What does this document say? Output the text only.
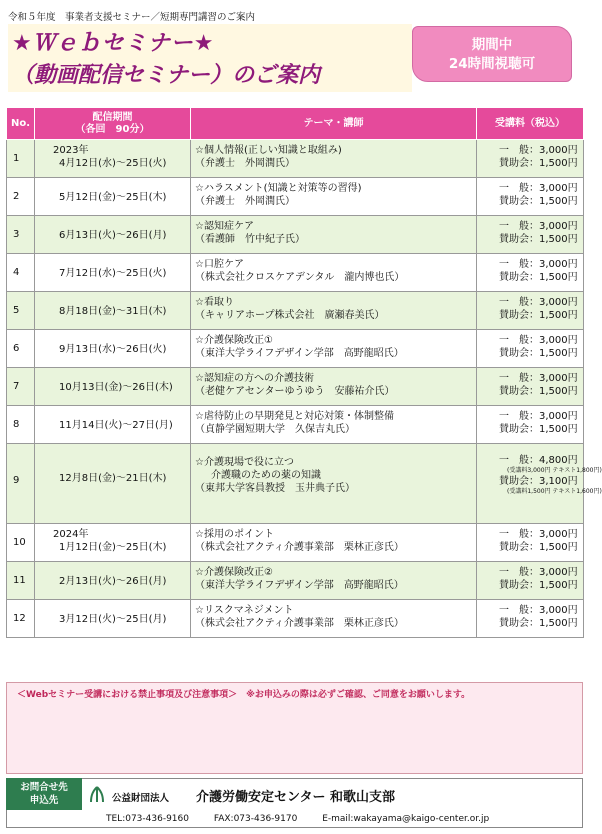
令和５年度　事業者支援セミナー／短期専門講習のご案内
★Ｗｅｂセミナー★
（動画配信セミナー）のご案内
期間中
24時間視聴可
No.	配信期間
（各回　90分）	テーマ・講師	受講料（税込）
1	2023年
4月12日(水)～25日(火)	☆個人情報(正しい知識と取組み)
（弁護士　外岡潤氏）	一　般：3,000円
賛助会：1,500円

2	5月12日(金)～25日(木)	☆ハラスメント(知識と対策等の習得)
（弁護士　外岡潤氏）	一　般：3,000円
賛助会：1,500円

3	6月13日(火)～26日(月)	☆認知症ケア
（看護師　竹中紀子氏）	一　般：3,000円
賛助会：1,500円

4	7月12日(水)～25日(火)	☆口腔ケア
（株式会社クロスケアデンタル　瀧内博也氏）	一　般：3,000円
賛助会：1,500円

5	8月18日(金)～31日(木)	☆看取り
（キャリアホープ株式会社　廣瀬春美氏）	一　般：3,000円
賛助会：1,500円

6	9月13日(水)～26日(火)	☆介護保険改正①
（東洋大学ライフデザイン学部　高野龍昭氏）	一　般：3,000円
賛助会：1,500円

7	10月13日(金)～26日(木)	☆認知症の方への介護技術
（老健ケアセンターゆうゆう　安藤祐介氏）	一　般：3,000円
賛助会：1,500円

8	11月14日(火)～27日(月)	☆虐待防止の早期発見と対応対策・体制整備
（貞静学園短期大学　久保吉丸氏）	一　般：3,000円
賛助会：1,500円

9	12月8日(金)～21日(木)	☆介護現場で役に立つ
介護職のための薬の知識
（東邦大学客員教授　玉井典子氏）	一　般：4,800円
(受講料3,000円 テキスト1,800円)
賛助会：3,100円
(受講料1,500円 テキスト1,600円)

10	2024年
1月12日(金)～25日(木)	☆採用のポイント
（株式会社アクティ介護事業部　栗林正彦氏）	一　般：3,000円
賛助会：1,500円

11	2月13日(火)～26日(月)	☆介護保険改正②
（東洋大学ライフデザイン学部　高野龍昭氏）	一　般：3,000円
賛助会：1,500円

12	3月12日(火)～25日(月)	☆リスクマネジメント
（株式会社アクティ介護事業部　栗林正彦氏）	一　般：3,000円
賛助会：1,500円
＜Webセミナー受講における禁止事項及び注意事項＞　※お申込みの際は必ずご確認、ご同意をお願いします。
お問合せ先
申込先	公益財団法人 介護労働安定センター 和歌山支部
TEL:073-436-9160	FAX:073-436-9170	E-mail:wakayama@kaigo-center.or.jp
